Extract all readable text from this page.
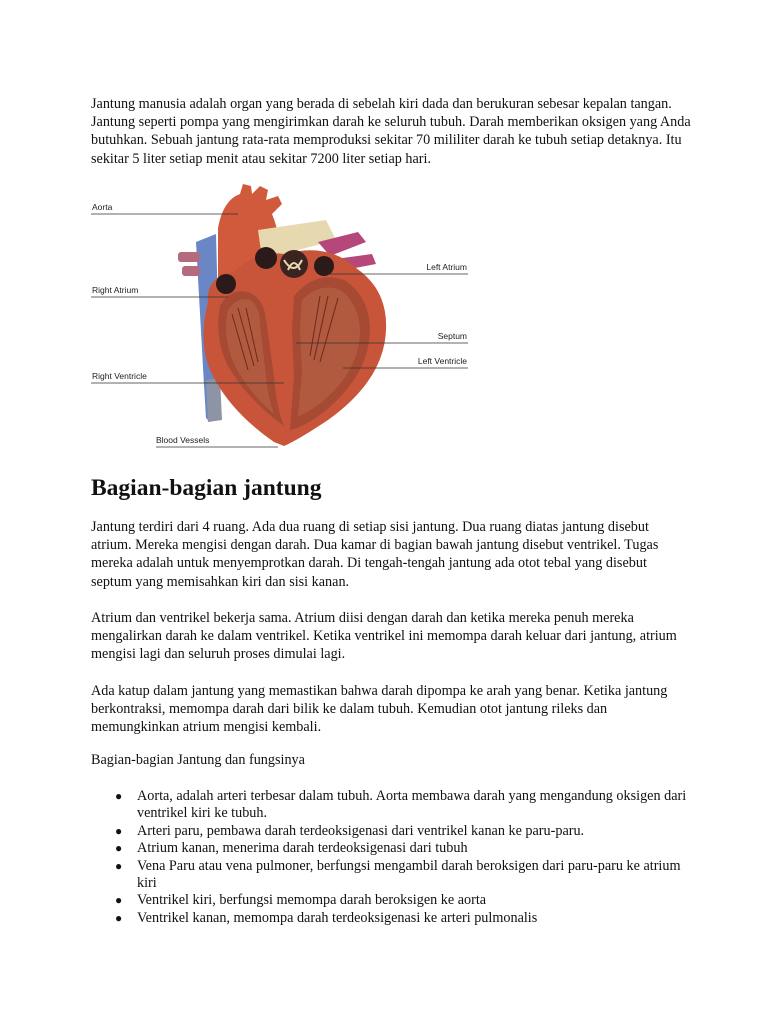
Jantung manusia adalah organ yang berada di sebelah kiri dada dan berukuran sebesar kepalan tangan. Jantung seperti pompa yang mengirimkan darah ke seluruh tubuh. Darah memberikan oksigen yang Anda butuhkan. Sebuah jantung rata-rata memproduksi sekitar 70 mililiter darah ke tubuh setiap detaknya. Itu sekitar 5 liter setiap menit atau sekitar 7200 liter setiap hari.

Aorta
Right Atrium
Right Ventricle
Blood Vessels
Left Atrium
Septum
Left Ventricle
Bagian-bagian jantung

Jantung terdiri dari 4 ruang. Ada dua ruang di setiap sisi jantung. Dua ruang diatas jantung disebut atrium. Mereka mengisi dengan darah. Dua kamar di bagian bawah jantung disebut ventrikel. Tugas mereka adalah untuk menyemprotkan darah. Di tengah-tengah jantung ada otot tebal yang disebut septum yang memisahkan kiri dan sisi kanan.

Atrium dan ventrikel bekerja sama. Atrium diisi dengan darah dan ketika mereka penuh mereka mengalirkan darah ke dalam ventrikel. Ketika ventrikel ini memompa darah keluar dari jantung, atrium mengisi lagi dan seluruh proses dimulai lagi.

Ada katup dalam jantung yang memastikan bahwa darah dipompa ke arah yang benar. Ketika jantung berkontraksi, memompa darah dari bilik ke dalam tubuh. Kemudian otot jantung rileks dan memungkinkan atrium mengisi kembali.

Bagian-bagian Jantung dan fungsinya

● Aorta, adalah arteri terbesar dalam tubuh. Aorta membawa darah yang mengandung oksigen dari ventrikel kiri ke tubuh.
● Arteri paru, pembawa darah terdeoksigenasi dari ventrikel kanan ke paru-paru.
● Atrium kanan, menerima darah terdeoksigenasi dari tubuh
● Vena Paru atau vena pulmoner, berfungsi mengambil darah beroksigen dari paru-paru ke atrium kiri
● Ventrikel kiri, berfungsi memompa darah beroksigen ke aorta
● Ventrikel kanan, memompa darah terdeoksigenasi ke arteri pulmonalis
